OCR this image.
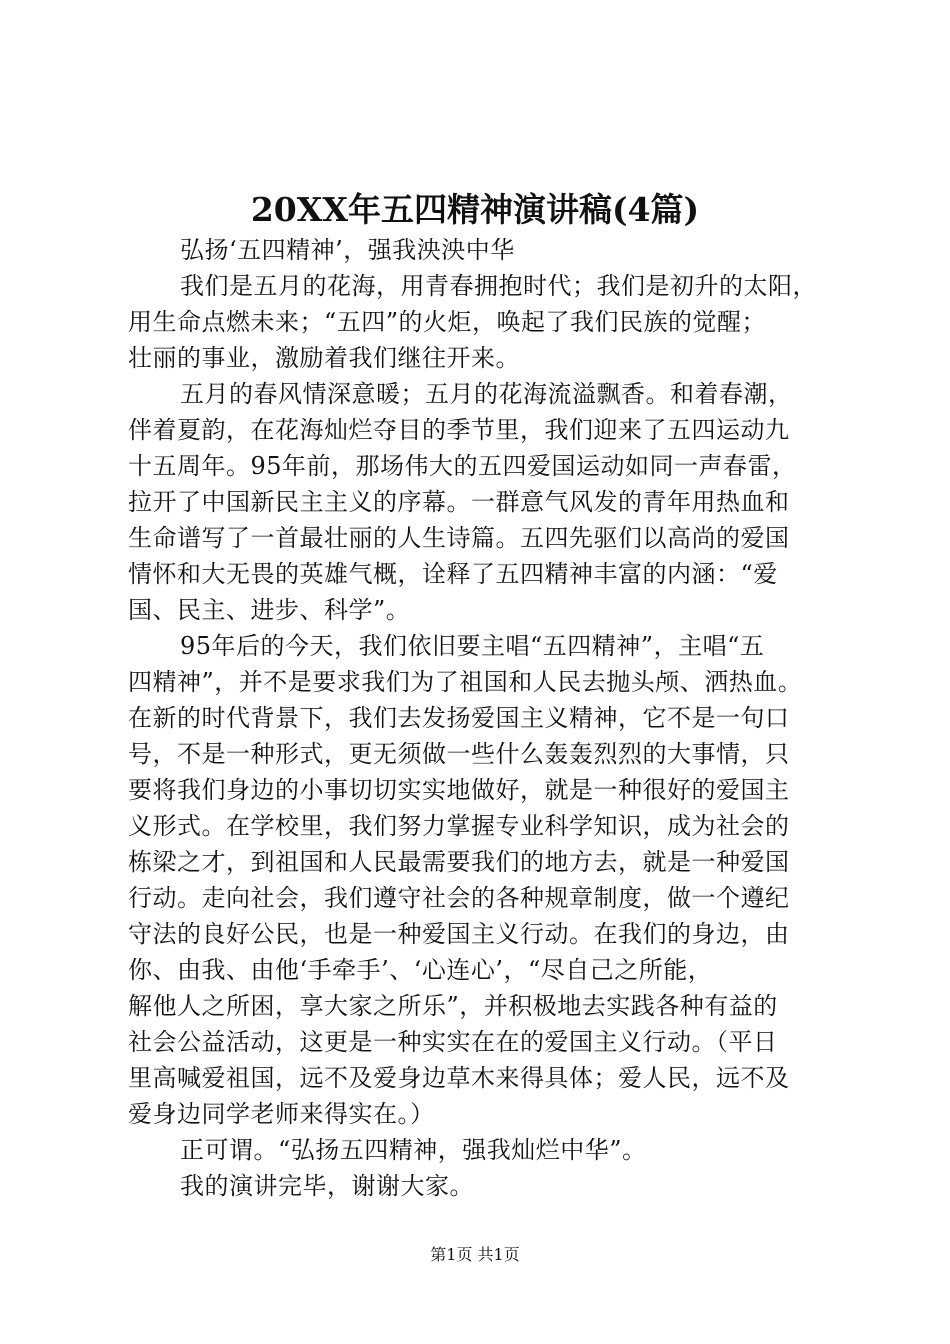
20XX年五四精神演讲稿(4篇)
弘扬‘五四精神’，强我泱泱中华
我们是五月的花海，用青春拥抱时代；我们是初升的太阳，
用生命点燃未来；“五四”的火炬，唤起了我们民族的觉醒；
壮丽的事业，激励着我们继往开来。
五月的春风情深意暖；五月的花海流溢飘香。和着春潮，
伴着夏韵，在花海灿烂夺目的季节里，我们迎来了五四运动九
十五周年。95年前，那场伟大的五四爱国运动如同一声春雷，
拉开了中国新民主主义的序幕。一群意气风发的青年用热血和
生命谱写了一首最壮丽的人生诗篇。五四先驱们以高尚的爱国
情怀和大无畏的英雄气概，诠释了五四精神丰富的内涵：“爱
国、民主、进步、科学”。
95年后的今天，我们依旧要主唱“五四精神”，主唱“五
四精神”，并不是要求我们为了祖国和人民去抛头颅、洒热血。
在新的时代背景下，我们去发扬爱国主义精神，它不是一句口
号，不是一种形式，更无须做一些什么轰轰烈烈的大事情，只
要将我们身边的小事切切实实地做好，就是一种很好的爱国主
义形式。在学校里，我们努力掌握专业科学知识，成为社会的
栋梁之才，到祖国和人民最需要我们的地方去，就是一种爱国
行动。走向社会，我们遵守社会的各种规章制度，做一个遵纪
守法的良好公民，也是一种爱国主义行动。在我们的身边，由
你、由我、由他‘手牵手’、‘心连心’，“尽自己之所能，
解他人之所困，享大家之所乐”，并积极地去实践各种有益的
社会公益活动，这更是一种实实在在的爱国主义行动。（平日
里高喊爱祖国，远不及爱身边草木来得具体；爱人民，远不及
爱身边同学老师来得实在。）
正可谓。“弘扬五四精神，强我灿烂中华”。
我的演讲完毕，谢谢大家。
第1页 共1页
